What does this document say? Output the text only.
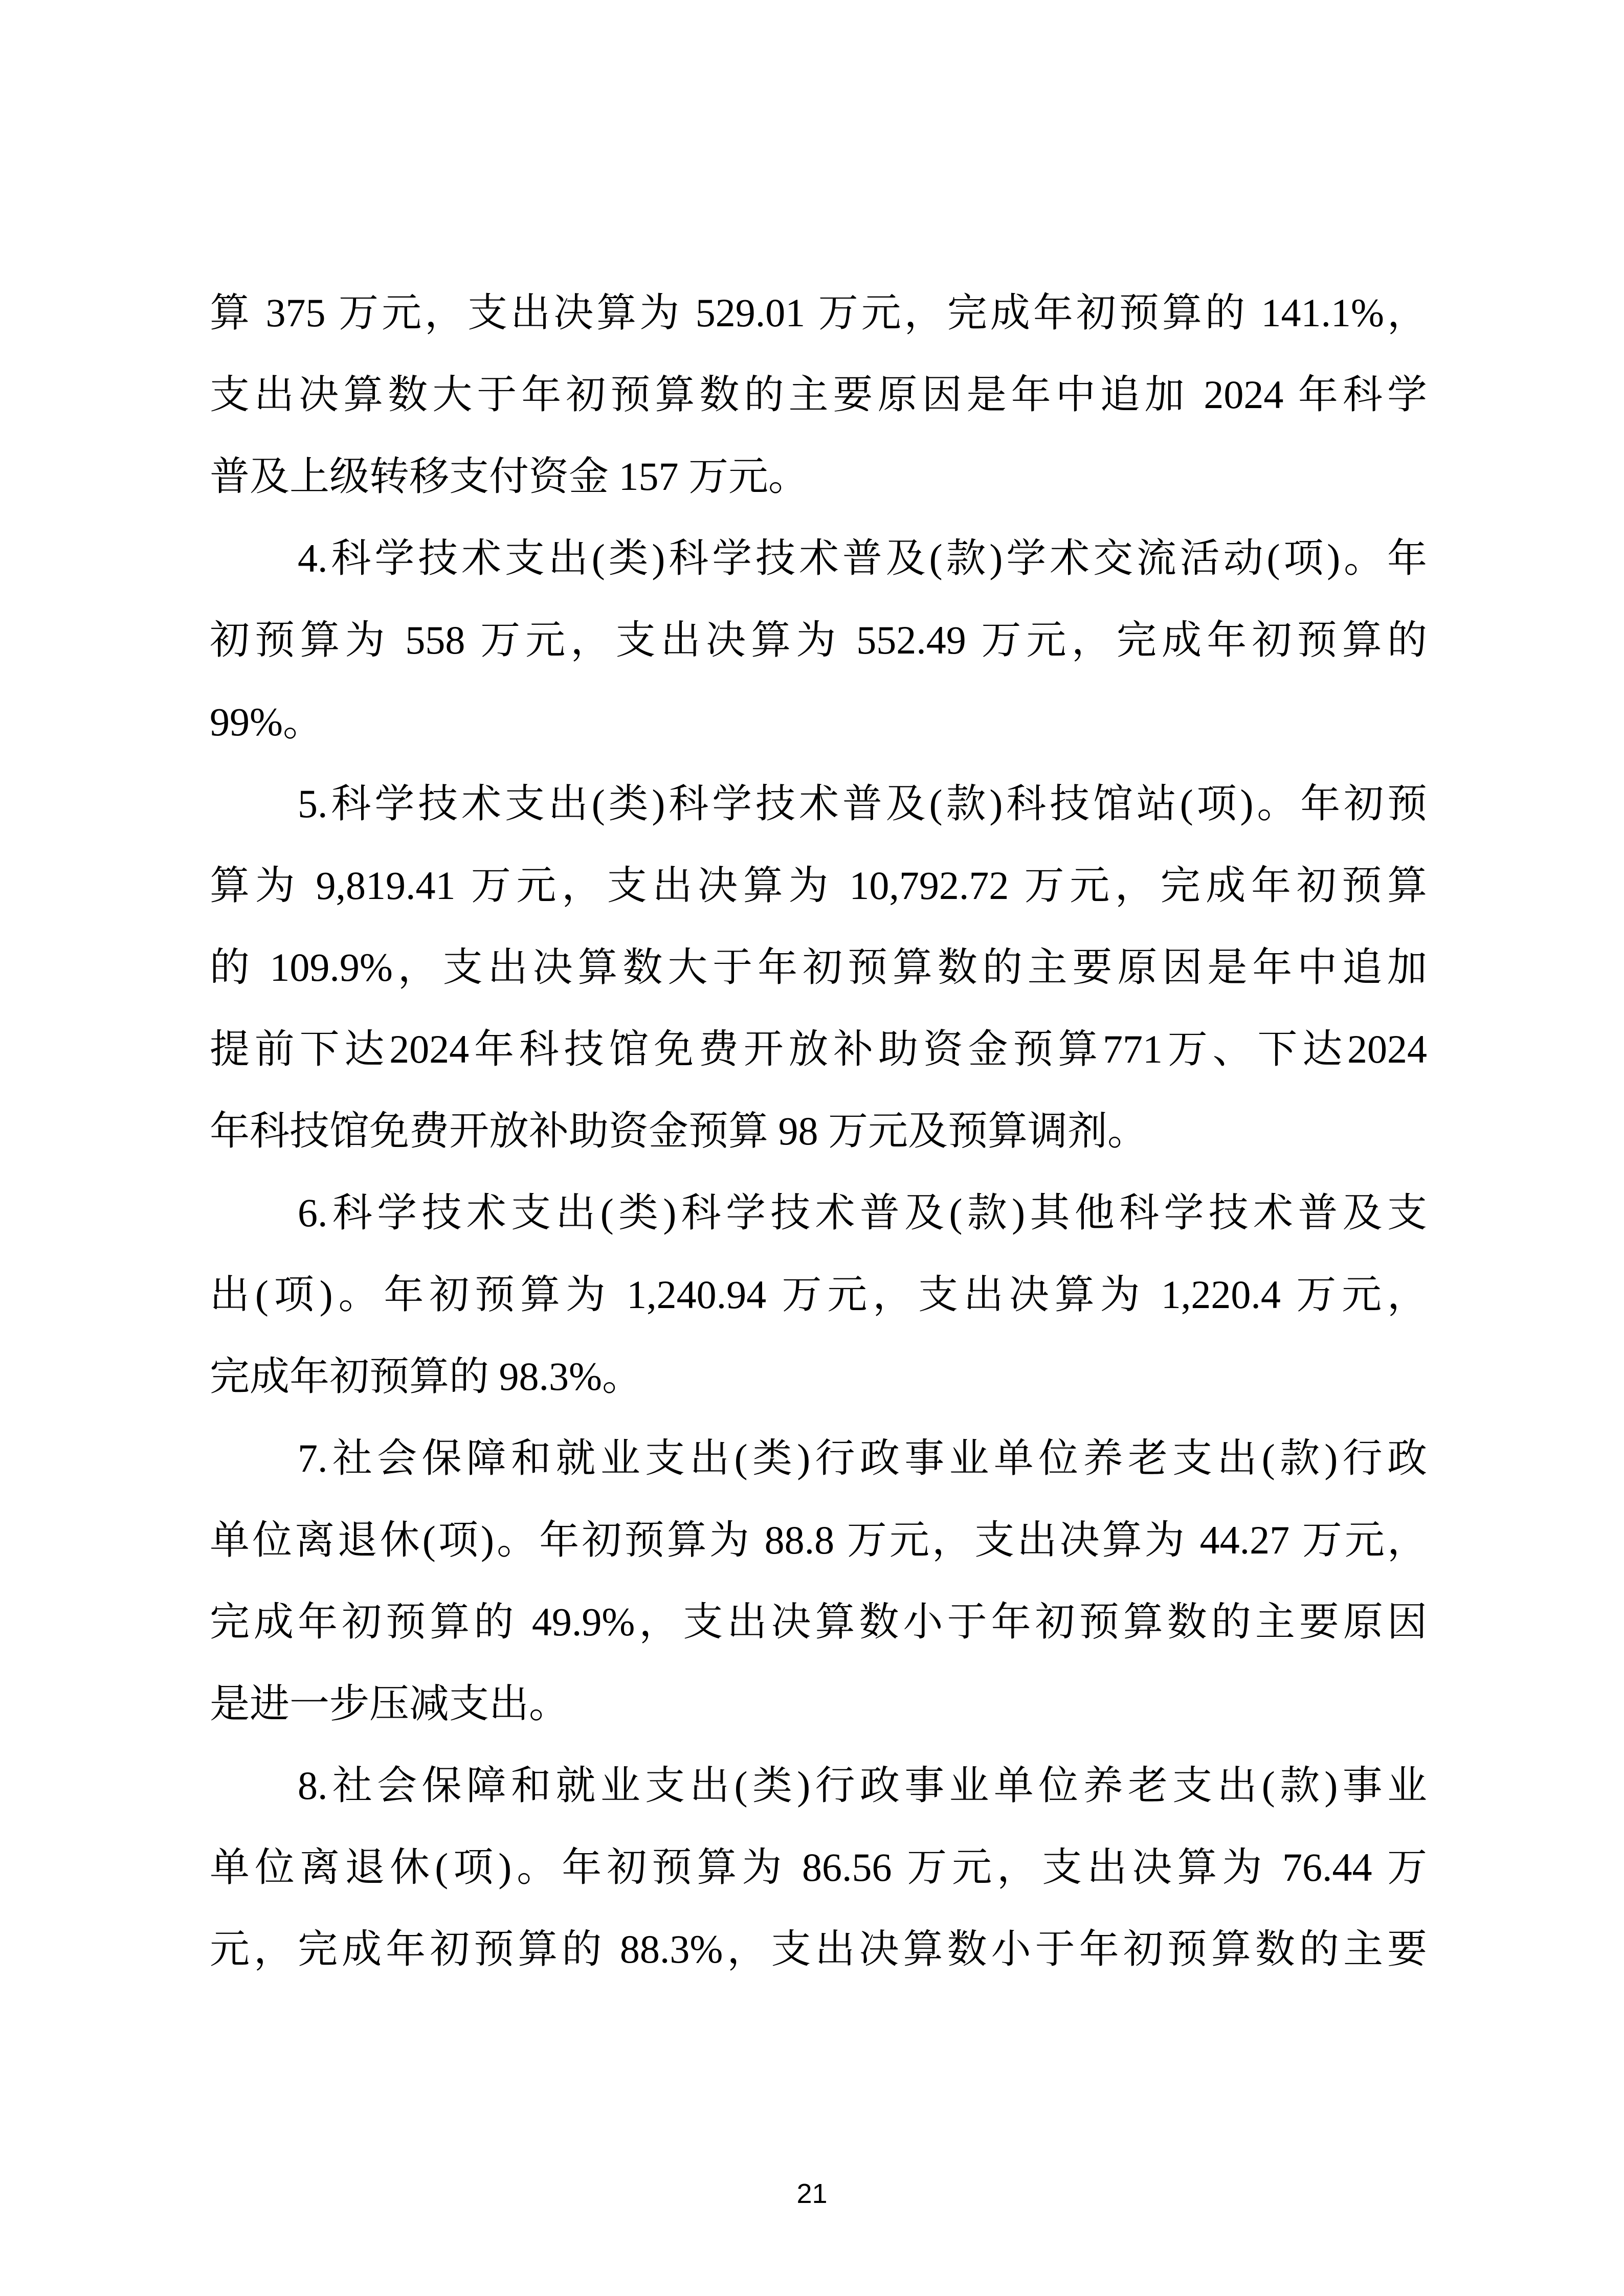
算 375 万元，支出决算为 529.01 万元，完成年初预算的 141.1%，
支出决算数大于年初预算数的主要原因是年中追加 2024 年科学
普及上级转移支付资金 157 万元。
4.科学技术支出(类)科学技术普及(款)学术交流活动(项)。年
初预算为 558 万元，支出决算为 552.49 万元，完成年初预算的
99%。
5.科学技术支出(类)科学技术普及(款)科技馆站(项)。年初预
算为 9,819.41 万元，支出决算为 10,792.72 万元，完成年初预算
的 109.9%，支出决算数大于年初预算数的主要原因是年中追加
提前下达2024年科技馆免费开放补助资金预算771万、下达2024
年科技馆免费开放补助资金预算 98 万元及预算调剂。
6.科学技术支出(类)科学技术普及(款)其他科学技术普及支
出(项)。年初预算为 1,240.94 万元，支出决算为 1,220.4 万元，
完成年初预算的 98.3%。
7.社会保障和就业支出(类)行政事业单位养老支出(款)行政
单位离退休(项)。年初预算为 88.8 万元，支出决算为 44.27 万元，
完成年初预算的 49.9%，支出决算数小于年初预算数的主要原因
是进一步压减支出。
8.社会保障和就业支出(类)行政事业单位养老支出(款)事业
单位离退休(项)。年初预算为 86.56 万元，支出决算为 76.44 万
元，完成年初预算的 88.3%，支出决算数小于年初预算数的主要
21
